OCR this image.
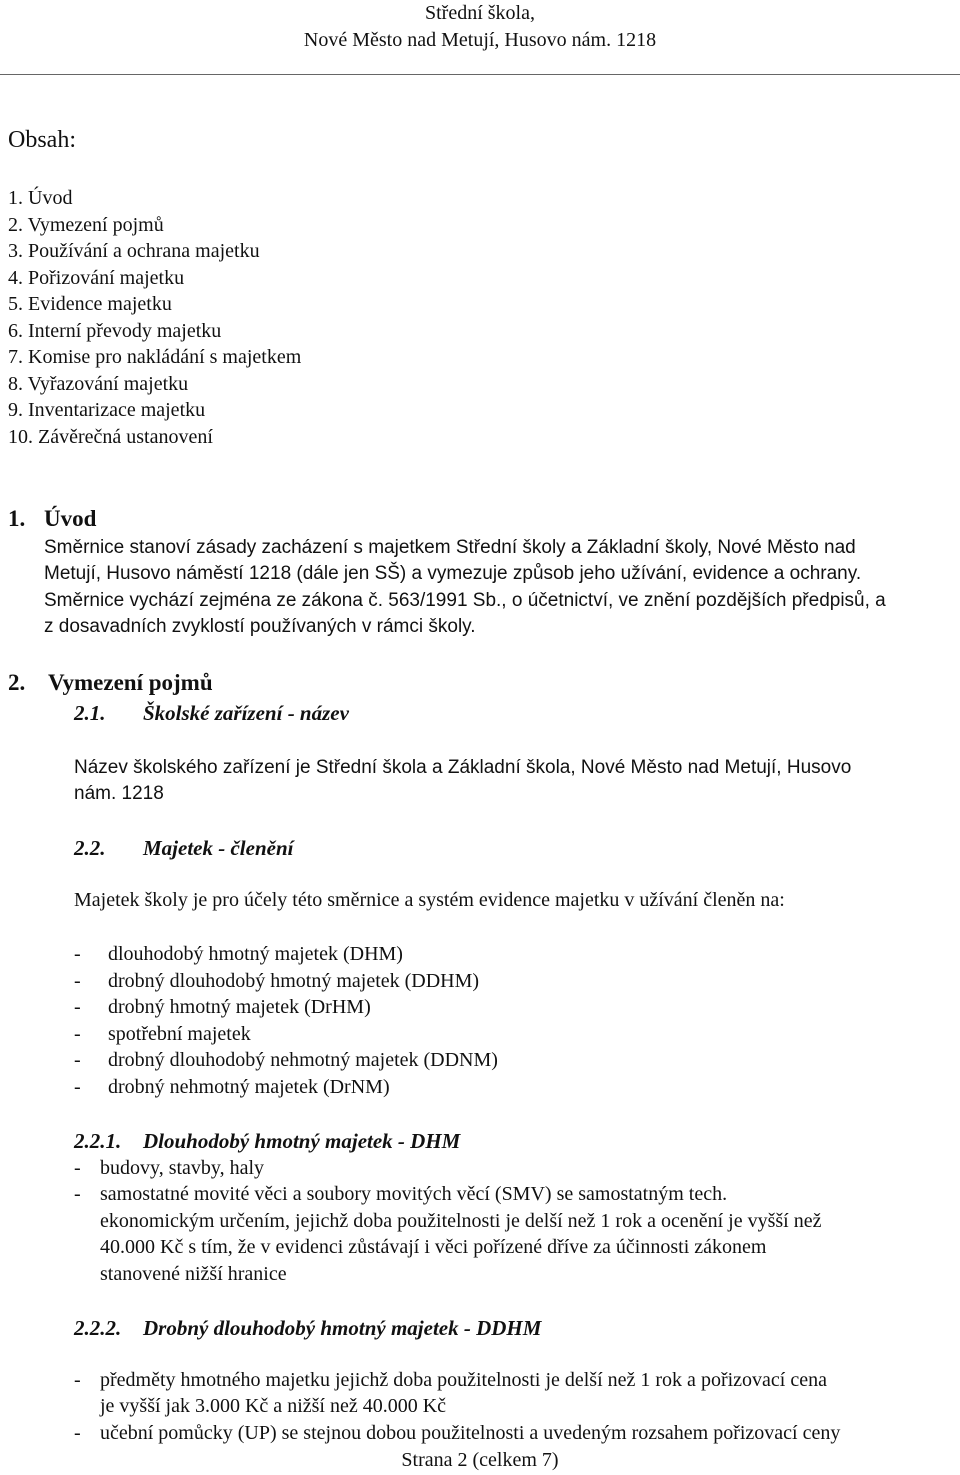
Střední škola,
Nové Město nad Metují, Husovo nám. 1218
Obsah:
1. Úvod
2. Vymezení pojmů
3. Používání a ochrana majetku
4. Pořizování majetku
5. Evidence majetku
6. Interní převody majetku
7. Komise pro nakládání s majetkem
8. Vyřazování majetku
9. Inventarizace majetku
10. Závěrečná ustanovení
1. Úvod
Směrnice stanoví zásady zacházení s majetkem Střední školy a Základní školy, Nové Město nad
Metují, Husovo náměstí 1218 (dále jen SŠ) a vymezuje způsob jeho užívání, evidence a ochrany.
Směrnice vychází zejména ze zákona č. 563/1991 Sb., o účetnictví, ve znění pozdějších předpisů, a
z dosavadních zvyklostí používaných v rámci školy.
2. Vymezení pojmů
2.1. Školské zařízení - název
Název školského zařízení je Střední škola a Základní škola, Nové Město nad Metují, Husovo
nám. 1218
2.2. Majetek - členění
Majetek školy je pro účely této směrnice a systém evidence majetku v užívání členěn na:
- dlouhodobý hmotný majetek (DHM)
- drobný dlouhodobý hmotný majetek (DDHM)
- drobný hmotný majetek (DrHM)
- spotřební majetek
- drobný dlouhodobý nehmotný majetek (DDNM)
- drobný nehmotný majetek (DrNM)
2.2.1. Dlouhodobý hmotný majetek - DHM
- budovy, stavby, haly
- samostatné movité věci a soubory movitých věcí (SMV) se samostatným tech.
ekonomickým určením, jejichž doba použitelnosti je delší než 1 rok a ocenění je vyšší než
40.000 Kč s tím, že v evidenci zůstávají i věci pořízené dříve za účinnosti zákonem
stanovené nižší hranice
2.2.2. Drobný dlouhodobý hmotný majetek - DDHM
- předměty hmotného majetku jejichž doba použitelnosti je delší než 1 rok a pořizovací cena
je vyšší jak 3.000 Kč a nižší než 40.000 Kč
- učební pomůcky (UP) se stejnou dobou použitelnosti a uvedeným rozsahem pořizovací ceny
Strana 2 (celkem 7)
